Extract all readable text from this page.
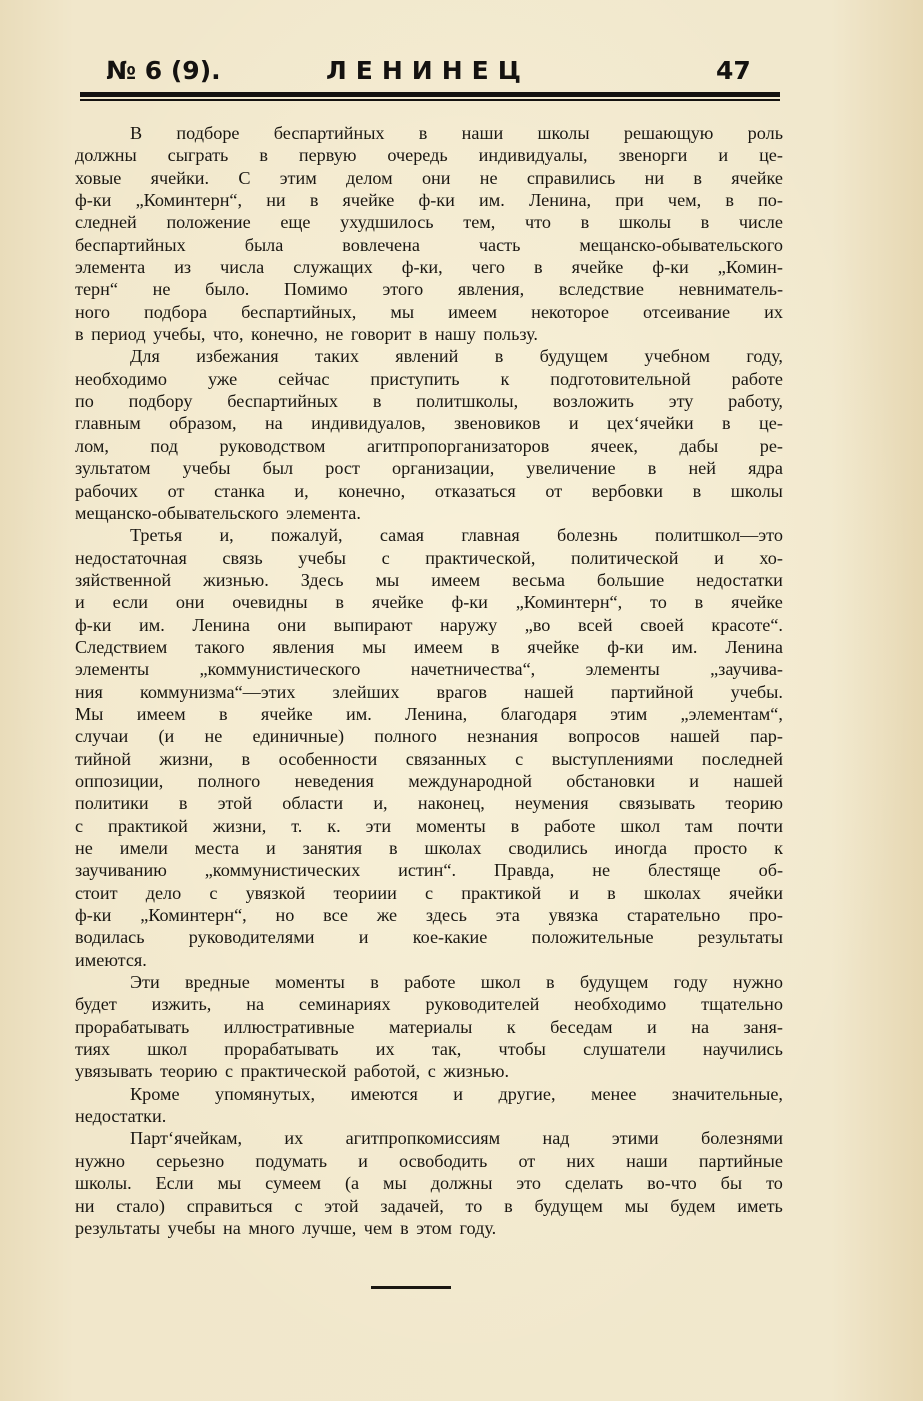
№ 6 (9).	ЛЕНИНЕЦ	47
В подборе беспартийных в наши школы решающую роль
должны сыграть в первую очередь индивидуалы, звенорги и це-
ховые ячейки. С этим делом они не справились ни в ячейке
ф-ки „Коминтерн“, ни в ячейке ф-ки им. Ленина, при чем, в по-
следней положение еще ухудшилось тем, что в школы в числе
беспартийных	была	вовлечена	часть	мещанско-обывательского
элемента из числа служащих ф-ки, чего в ячейке ф-ки „Комин-
терн“ не было. Помимо этого явления, вследствие невниматель-
ного подбора беспартийных, мы имеем некоторое отсеивание их
в период учебы, что, конечно, не говорит в нашу пользу.
Для избежания таких явлений в будущем учебном году,
необходимо уже сейчас приступить к подготовительной работе
по подбору беспартийных в политшколы, возложить эту работу,
главным образом, на индивидуалов, звеновиков и цех‘ячейки в це-
лом, под руководством агитпропорганизаторов ячеек, дабы ре-
зультатом учебы был рост организации, увеличение в ней ядра
рабочих от станка и, конечно, отказаться от вербовки в школы
мещанско-обывательского элемента.
Третья и, пожалуй, самая главная болезнь политшкол—это
недостаточная связь учебы с практической, политической и хо-
зяйственной жизнью. Здесь мы имеем весьма большие недостатки
и если они очевидны в ячейке ф-ки „Коминтерн“, то в ячейке
ф-ки им. Ленина они выпирают наружу „во всей своей красоте“.
Следствием такого явления мы имеем в ячейке ф-ки им. Ленина
элементы	„коммунистического	начетничества“,	элементы	„заучива-
ния коммунизма“—этих злейших врагов нашей партийной учебы.
Мы имеем в ячейке им. Ленина, благодаря этим „элементам“,
случаи (и не единичные) полного незнания вопросов нашей пар-
тийной жизни, в особенности связанных с выступлениями последней
оппозиции, полного неведения международной обстановки и нашей
политики в этой области и, наконец, неумения связывать теорию
с практикой жизни, т. к. эти моменты в работе школ там почти
не имели места и занятия в школах сводились иногда просто к
заучиванию „коммунистических истин“. Правда, не блестяще об-
стоит дело с увязкой теориии с практикой и в школах ячейки
ф-ки „Коминтерн“, но все же здесь эта увязка старательно про-
водилась руководителями и кое-какие положительные результаты
имеются.
Эти вредные моменты в работе школ в будущем году нужно
будет изжить, на семинариях руководителей необходимо тщательно
прорабатывать иллюстративные материалы к беседам и на заня-
тиях школ прорабатывать их так, чтобы слушатели научились
увязывать теорию с практической работой, с жизнью.
Кроме упомянутых, имеются и другие, менее значительные,
недостатки.
Парт‘ячейкам, их агитпропкомиссиям над этими болезнями
нужно серьезно подумать и освободить от них наши партийные
школы. Если мы сумеем (а мы должны это сделать во-что бы то
ни стало) справиться с этой задачей, то в будущем мы будем иметь
результаты учебы на много лучше, чем в этом году.
